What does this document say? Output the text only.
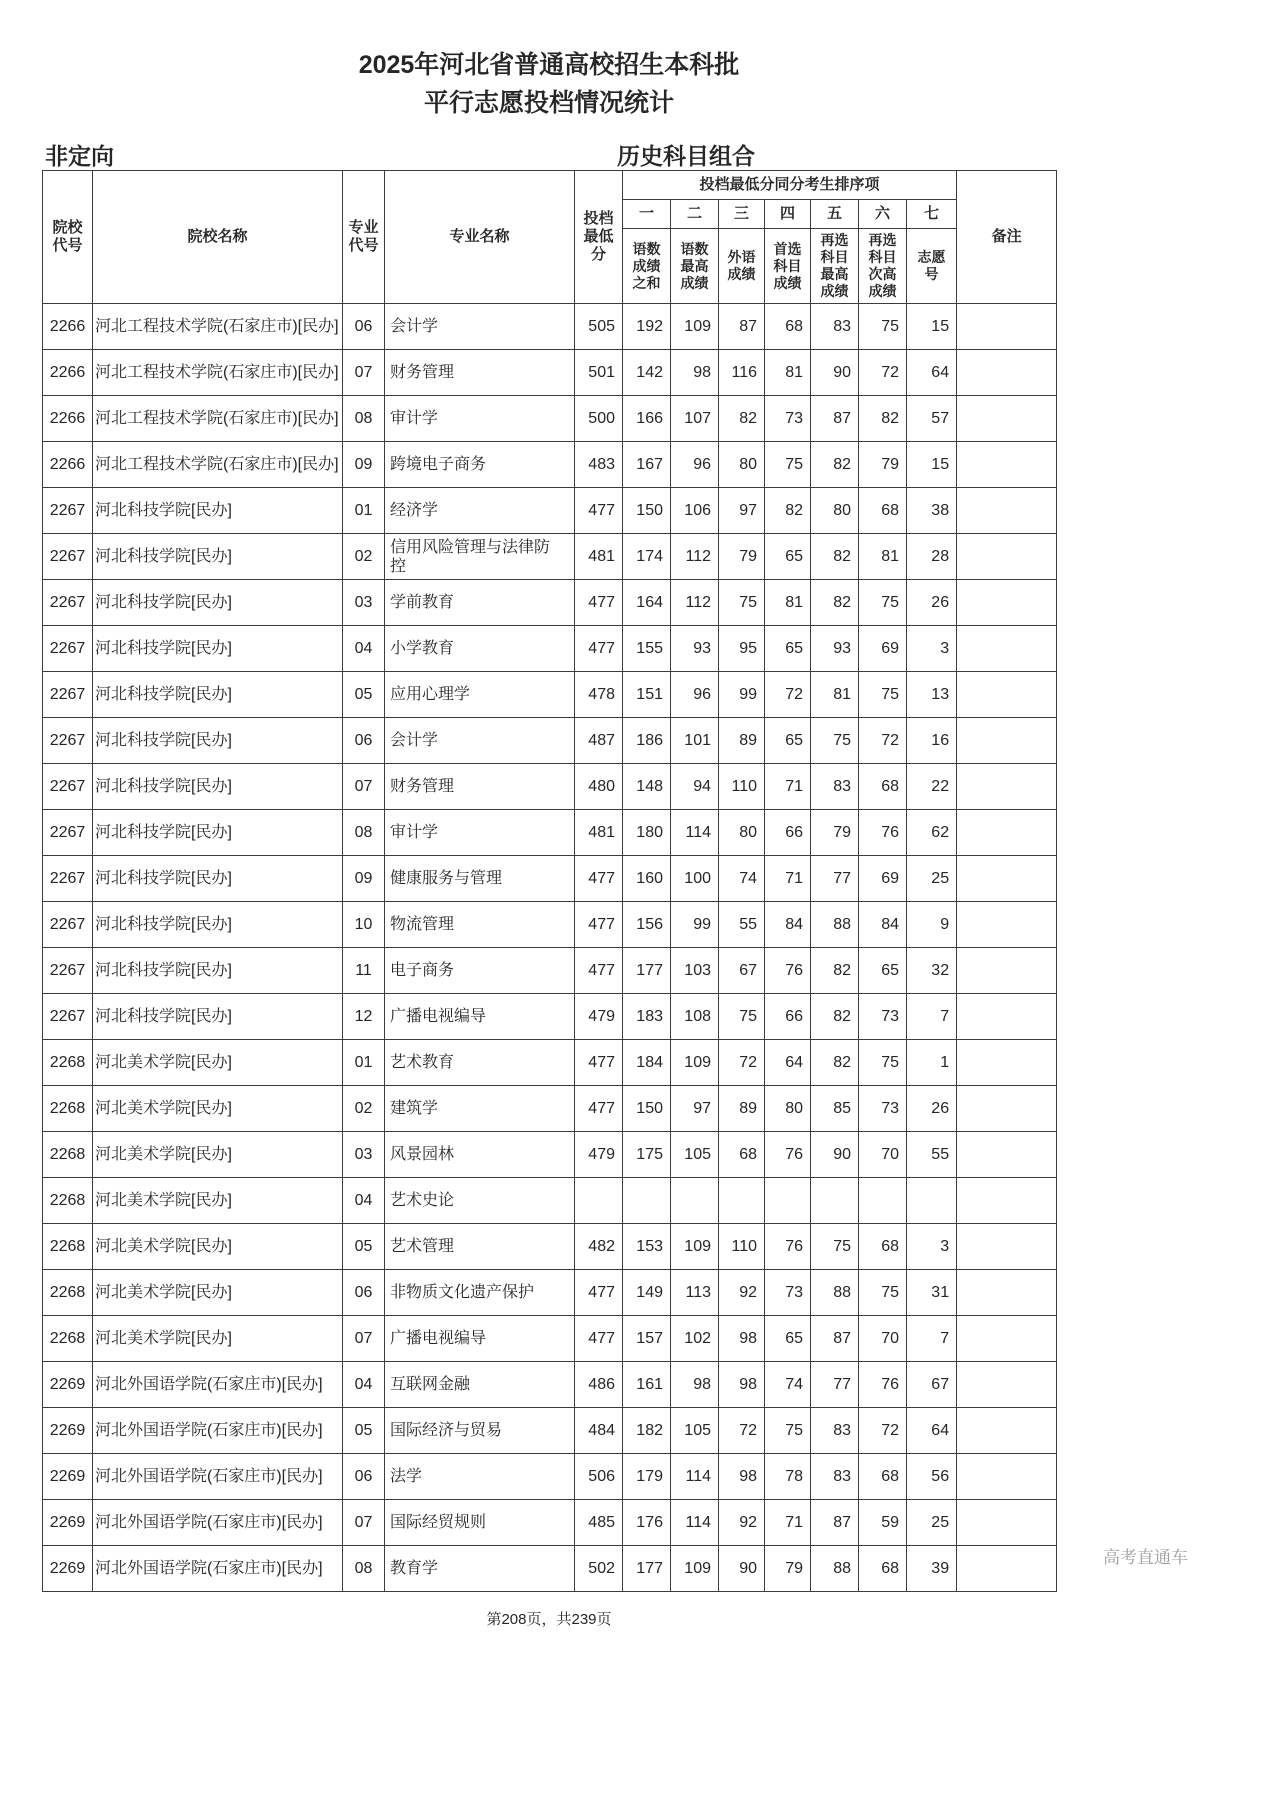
2025年河北省普通高校招生本科批
平行志愿投档情况统计
非定向	历史科目组合
院校代号	院校名称	专业代号	专业名称	投档最低分	投档最低分同分考生排序项							备注
					一	二	三	四	五	六	七	
					语数成绩之和	语数最高成绩	外语成绩	首选科目成绩	再选科目最高成绩	再选科目次高成绩	志愿号	
2266	河北工程技术学院(石家庄市)[民办]	06	会计学	505	192	109	87	68	83	75	15	
2266	河北工程技术学院(石家庄市)[民办]	07	财务管理	501	142	98	116	81	90	72	64	
2266	河北工程技术学院(石家庄市)[民办]	08	审计学	500	166	107	82	73	87	82	57	
2266	河北工程技术学院(石家庄市)[民办]	09	跨境电子商务	483	167	96	80	75	82	79	15	
2267	河北科技学院[民办]	01	经济学	477	150	106	97	82	80	68	38	
2267	河北科技学院[民办]	02	信用风险管理与法律防控	481	174	112	79	65	82	81	28	
2267	河北科技学院[民办]	03	学前教育	477	164	112	75	81	82	75	26	
2267	河北科技学院[民办]	04	小学教育	477	155	93	95	65	93	69	3	
2267	河北科技学院[民办]	05	应用心理学	478	151	96	99	72	81	75	13	
2267	河北科技学院[民办]	06	会计学	487	186	101	89	65	75	72	16	
2267	河北科技学院[民办]	07	财务管理	480	148	94	110	71	83	68	22	
2267	河北科技学院[民办]	08	审计学	481	180	114	80	66	79	76	62	
2267	河北科技学院[民办]	09	健康服务与管理	477	160	100	74	71	77	69	25	
2267	河北科技学院[民办]	10	物流管理	477	156	99	55	84	88	84	9	
2267	河北科技学院[民办]	11	电子商务	477	177	103	67	76	82	65	32	
2267	河北科技学院[民办]	12	广播电视编导	479	183	108	75	66	82	73	7	
2268	河北美术学院[民办]	01	艺术教育	477	184	109	72	64	82	75	1	
2268	河北美术学院[民办]	02	建筑学	477	150	97	89	80	85	73	26	
2268	河北美术学院[民办]	03	风景园林	479	175	105	68	76	90	70	55	
2268	河北美术学院[民办]	04	艺术史论									
2268	河北美术学院[民办]	05	艺术管理	482	153	109	110	76	75	68	3	
2268	河北美术学院[民办]	06	非物质文化遗产保护	477	149	113	92	73	88	75	31	
2268	河北美术学院[民办]	07	广播电视编导	477	157	102	98	65	87	70	7	
2269	河北外国语学院(石家庄市)[民办]	04	互联网金融	486	161	98	98	74	77	76	67	
2269	河北外国语学院(石家庄市)[民办]	05	国际经济与贸易	484	182	105	72	75	83	72	64	
2269	河北外国语学院(石家庄市)[民办]	06	法学	506	179	114	98	78	83	68	56	
2269	河北外国语学院(石家庄市)[民办]	07	国际经贸规则	485	176	114	92	71	87	59	25	
2269	河北外国语学院(石家庄市)[民办]	08	教育学	502	177	109	90	79	88	68	39	
第208页，共239页
高考直通车
